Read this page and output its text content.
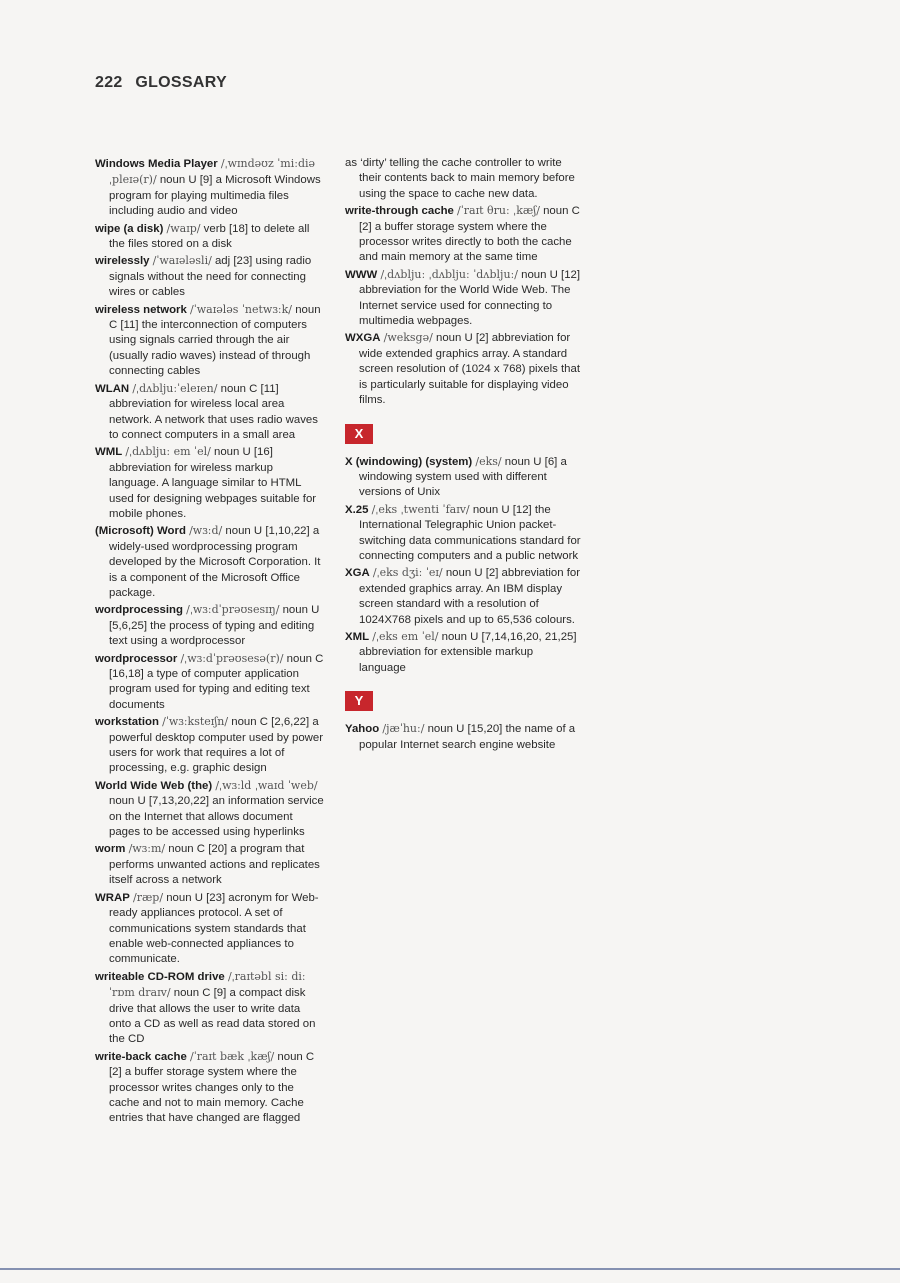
222 GLOSSARY

Windows Media Player /ˌwɪndəʊz ˈmiːdiə ˌpleɪə(r)/ noun U [9] a Microsoft Windows program for playing multimedia files including audio and video

wipe (a disk) /waɪp/ verb [18] to delete all the files stored on a disk

wirelessly /ˈwaɪələsli/ adj [23] using radio signals without the need for connecting wires or cables

wireless network /ˈwaɪələs ˈnetwɜːk/ noun C [11] the interconnection of computers using signals carried through the air (usually radio waves) instead of through connecting cables

WLAN /ˌdʌbljuːˈeleɪen/ noun C [11] abbreviation for wireless local area network. A network that uses radio waves to connect computers in a small area

WML /ˌdʌbljuː em ˈel/ noun U [16] abbreviation for wireless markup language. A language similar to HTML used for designing webpages suitable for mobile phones.

(Microsoft) Word /wɜːd/ noun U [1,10,22] a widely-used wordprocessing program developed by the Microsoft Corporation. It is a component of the Microsoft Office package.

wordprocessing /ˌwɜːdˈprəʊsesɪŋ/ noun U [5,6,25] the process of typing and editing text using a wordprocessor

wordprocessor /ˌwɜːdˈprəʊsesə(r)/ noun C [16,18] a type of computer application program used for typing and editing text documents

workstation /ˈwɜːksteɪʃn/ noun C [2,6,22] a powerful desktop computer used by power users for work that requires a lot of processing, e.g. graphic design

World Wide Web (the) /ˌwɜːld ˌwaɪd ˈweb/ noun U [7,13,20,22] an information service on the Internet that allows document pages to be accessed using hyperlinks

worm /wɜːm/ noun C [20] a program that performs unwanted actions and replicates itself across a network

WRAP /ræp/ noun U [23] acronym for Web-ready appliances protocol. A set of communications system standards that enable web-connected appliances to communicate.

writeable CD-ROM drive /ˌraɪtəbl siː diː ˈrɒm draɪv/ noun C [9] a compact disk drive that allows the user to write data onto a CD as well as read data stored on the CD

write-back cache /ˈraɪt bæk ˌkæʃ/ noun C [2] a buffer storage system where the processor writes changes only to the cache and not to main memory. Cache entries that have changed are flagged

as ‘dirty’ telling the cache controller to write their contents back to main memory before using the space to cache new data.

write-through cache /ˈraɪt θruː ˌkæʃ/ noun C [2] a buffer storage system where the processor writes directly to both the cache and main memory at the same time

WWW /ˌdʌbljuː ˌdʌbljuː ˈdʌbljuː/ noun U [12] abbreviation for the World Wide Web. The Internet service used for connecting to multimedia webpages.

WXGA /weksgə/ noun U [2] abbreviation for wide extended graphics array. A standard screen resolution of (1024 x 768) pixels that is particularly suitable for displaying video films.

X

X (windowing) (system) /eks/ noun U [6] a windowing system used with different versions of Unix

X.25 /ˌeks ˌtwenti ˈfaɪv/ noun U [12] the International Telegraphic Union packet-switching data communications standard for connecting computers and a public network

XGA /ˌeks dʒiː ˈeɪ/ noun U [2] abbreviation for extended graphics array. An IBM display screen standard with a resolution of 1024X768 pixels and up to 65,536 colours.

XML /ˌeks em ˈel/ noun U [7,14,16,20, 21,25] abbreviation for extensible markup language

Y

Yahoo /jæˈhuː/ noun U [15,20] the name of a popular Internet search engine website
